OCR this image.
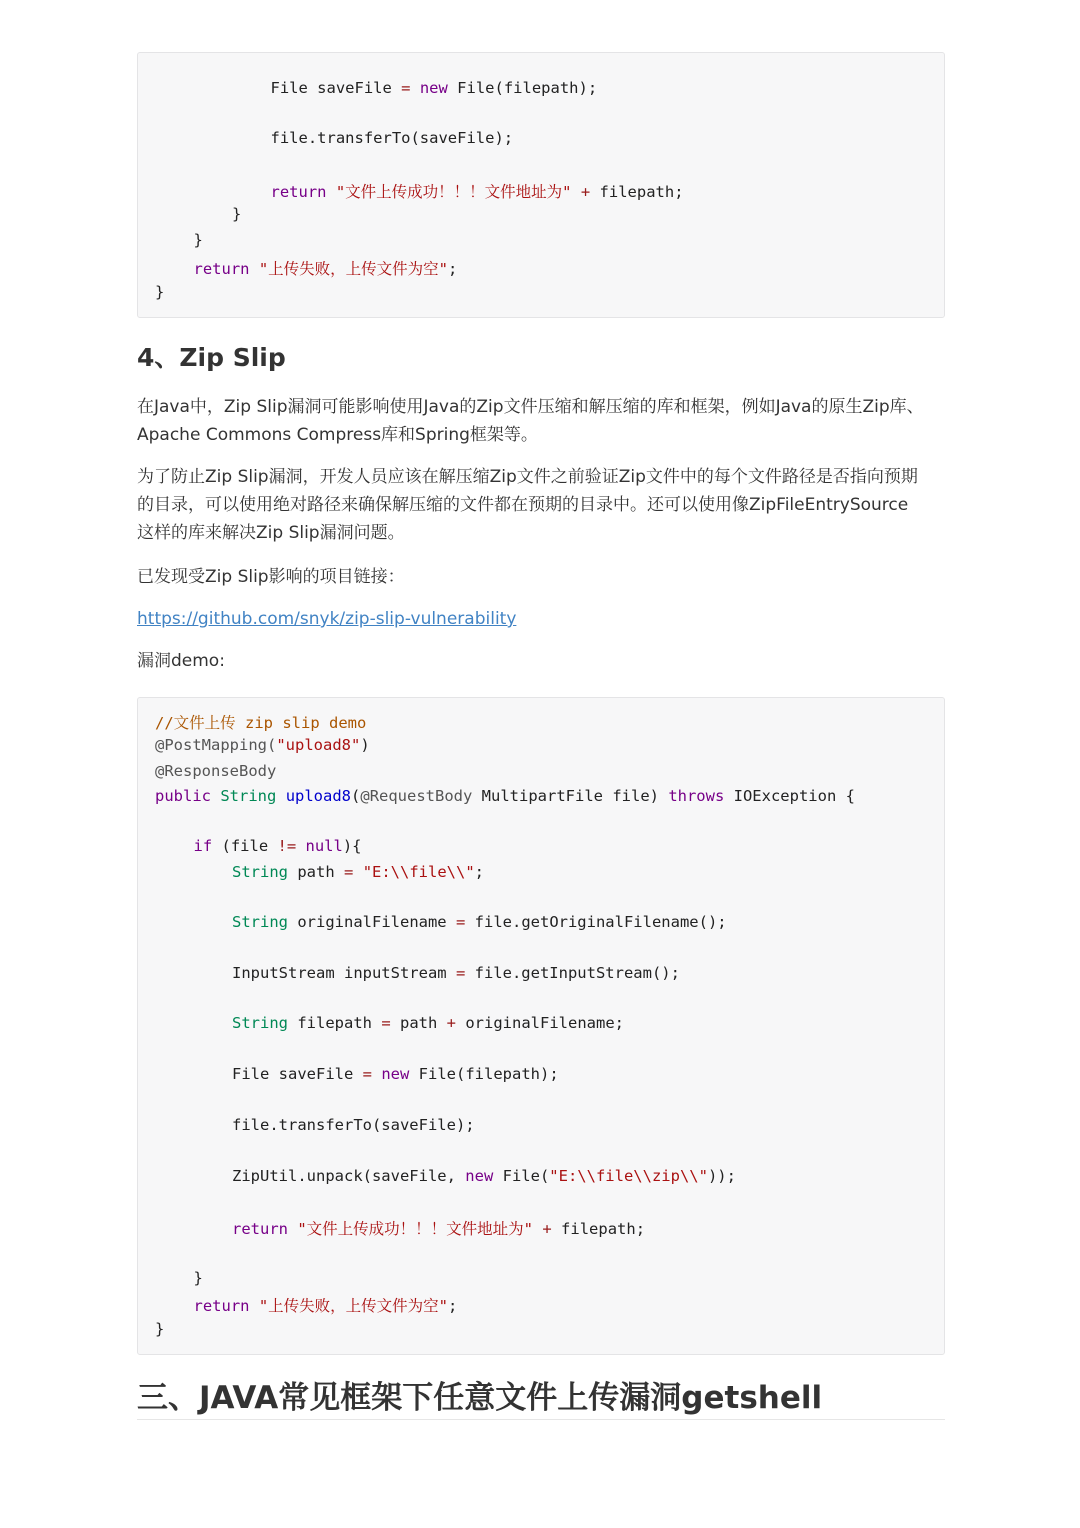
File saveFile = new File(filepath);
file.transferTo(saveFile);
return "文件上传成功！！！文件地址为" + filepath;
}
}
return "上传失败，上传文件为空";
}
4、Zip Slip

在Java中，Zip Slip漏洞可能影响使用Java的Zip文件压缩和解压缩的库和框架，例如Java的原生Zip库、

Apache Commons Compress库和Spring框架等。

为了防止Zip Slip漏洞，开发人员应该在解压缩Zip文件之前验证Zip文件中的每个文件路径是否指向预期

的目录，可以使用绝对路径来确保解压缩的文件都在预期的目录中。还可以使用像ZipFileEntrySource

这样的库来解决Zip Slip漏洞问题。

已发现受Zip Slip影响的项目链接：

https://github.com/snyk/zip-slip-vulnerability

漏洞demo:

//文件上传 zip slip demo
@PostMapping("upload8")
@ResponseBody
public String upload8(@RequestBody MultipartFile file) throws IOException {
if (file != null){
String path = "E:\\file\\";
String originalFilename = file.getOriginalFilename();
InputStream inputStream = file.getInputStream();
String filepath = path + originalFilename;
File saveFile = new File(filepath);
file.transferTo(saveFile);
ZipUtil.unpack(saveFile, new File("E:\\file\\zip\\"));
return "文件上传成功！！！文件地址为" + filepath;
}
return "上传失败，上传文件为空";
}
三、JAVA常见框架下任意文件上传漏洞getshell
